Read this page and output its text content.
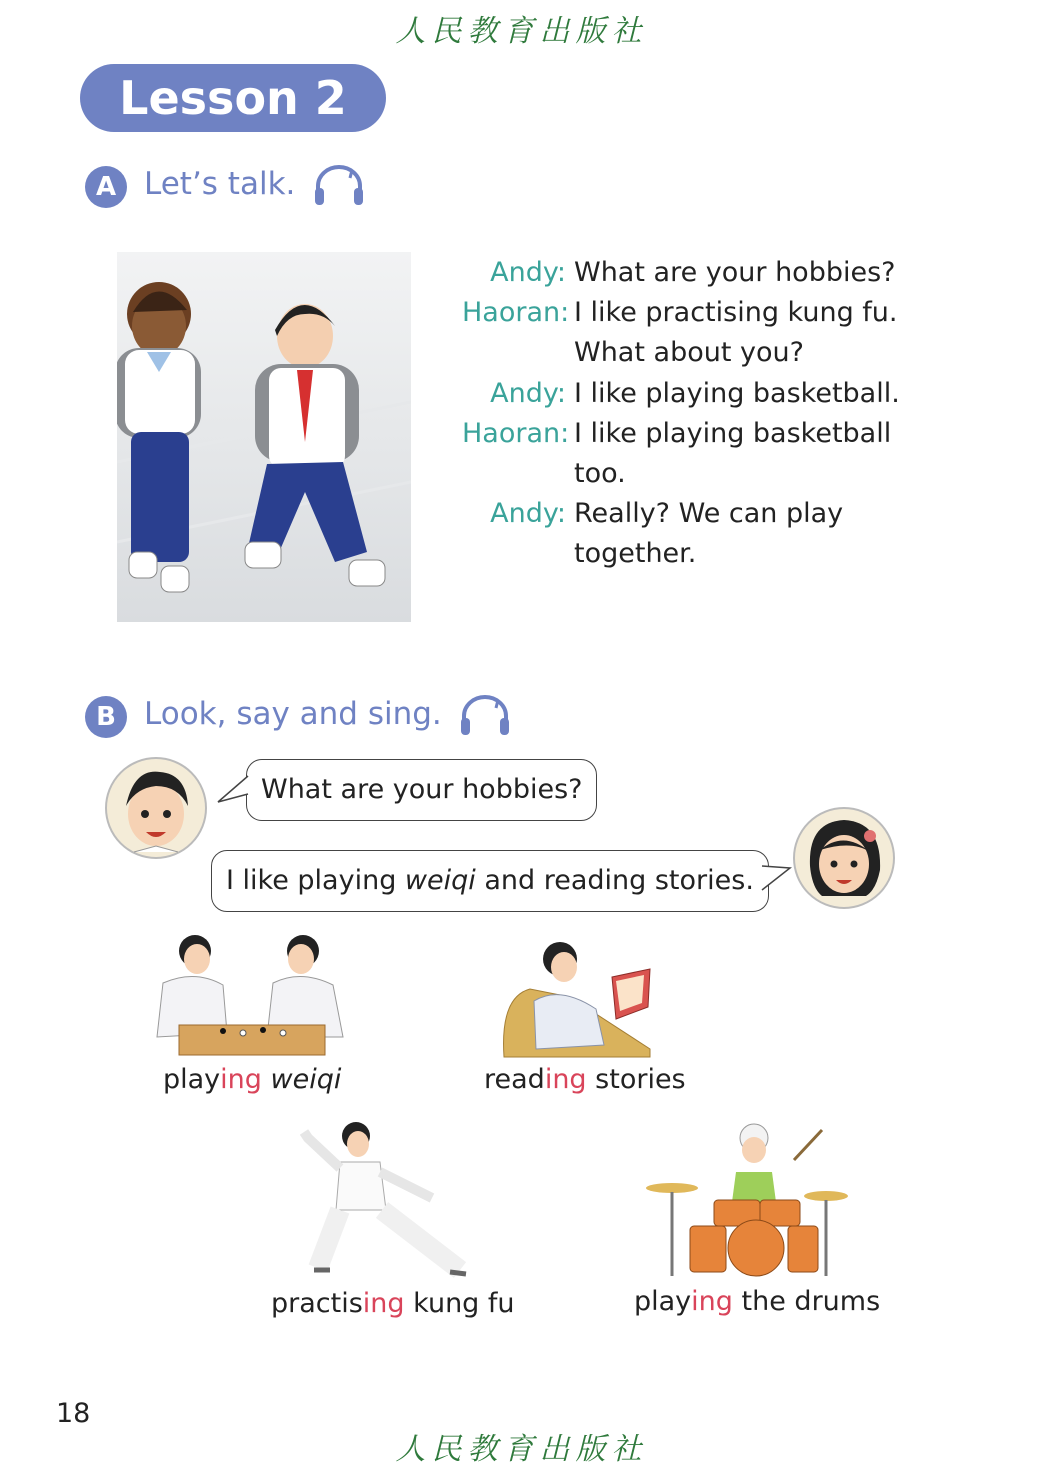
人民教育出版社
Lesson 2
A Let’s talk.
Andy: What are your hobbies?
Haoran: I like practising kung fu.
What about you?
Andy: I like playing basketball.
Haoran: I like playing basketball
too.
Andy: Really? We can play
together.
B Look, say and sing.
What are your hobbies?
I like playing weiqi and reading stories.
playing weiqi	reading stories
practising kung fu	playing the drums
18
人民教育出版社
